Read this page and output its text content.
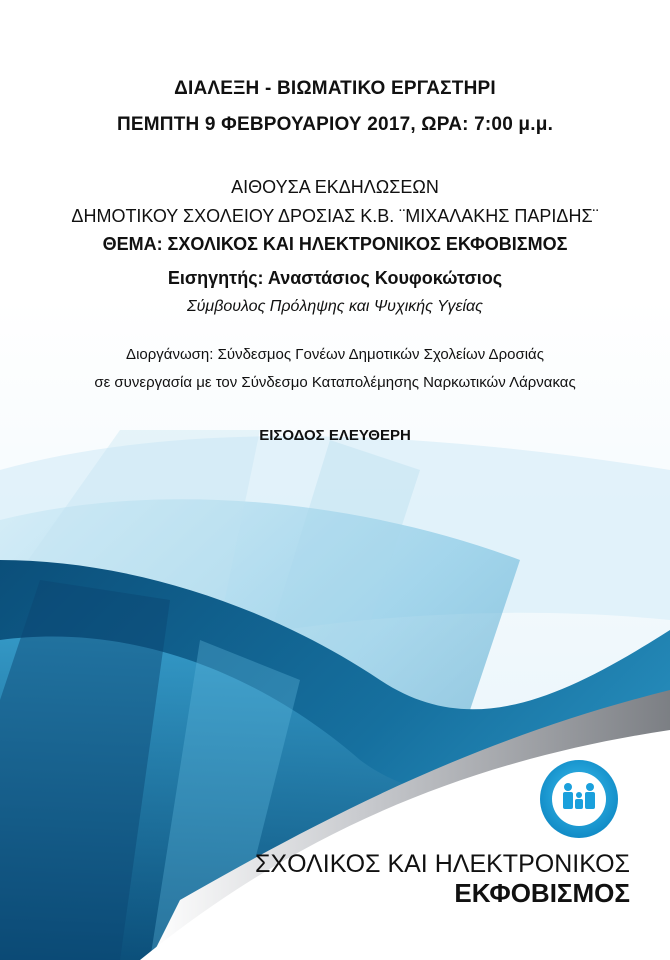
ΔΙΑΛΕΞΗ - ΒΙΩΜΑΤΙΚΟ ΕΡΓΑΣΤΗΡΙ
ΠΕΜΠΤΗ 9 ΦΕΒΡΟΥΑΡΙΟΥ 2017, ΩΡΑ: 7:00 μ.μ.
ΑΙΘΟΥΣΑ ΕΚΔΗΛΩΣΕΩΝ
ΔΗΜΟΤΙΚΟΥ ΣΧΟΛΕΙΟΥ ΔΡΟΣΙΑΣ Κ.Β. ¨ΜΙΧΑΛΑΚΗΣ ΠΑΡΙΔΗΣ¨
ΘΕΜΑ: ΣΧΟΛΙΚΟΣ ΚΑΙ ΗΛΕΚΤΡΟΝΙΚΟΣ ΕΚΦΟΒΙΣΜΟΣ
Εισηγητής: Αναστάσιος Κουφοκώτσιος
Σύμβουλος Πρόληψης και Ψυχικής Υγείας
Διοργάνωση: Σύνδεσμος Γονέων Δημοτικών Σχολείων Δροσιάς
σε συνεργασία με τον Σύνδεσμο Καταπολέμησης Ναρκωτικών Λάρνακας
ΕΙΣΟΔΟΣ ΕΛΕΥΘΕΡΗ
ΣΧΟΛΙΚΟΣ ΚΑΙ ΗΛΕΚΤΡΟΝΙΚΟΣ
ΕΚΦΟΒΙΣΜΟΣ
